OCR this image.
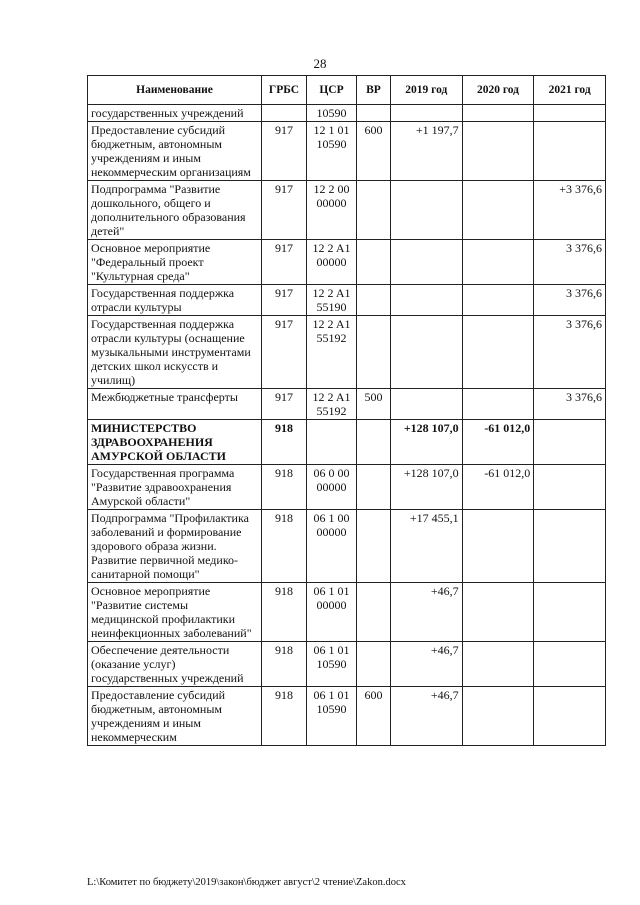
28
Наименование	ГРБС	ЦСР	ВР	2019 год	2020 год	2021 год
государственных учреждений		10590				
Предоставление субсидий бюджетным, автономным учреждениям и иным некоммерческим организациям	917	12 1 01 10590	600	+1 197,7		
Подпрограмма "Развитие дошкольного, общего и дополнительного образования детей"	917	12 2 00 00000				+3 376,6
Основное мероприятие "Федеральный проект "Культурная среда"	917	12 2 A1 00000				3 376,6
Государственная поддержка отрасли культуры	917	12 2 A1 55190				3 376,6
Государственная поддержка отрасли культуры (оснащение музыкальными инструментами детских школ искусств и училищ)	917	12 2 A1 55192				3 376,6
Межбюджетные трансферты	917	12 2 A1 55192	500			3 376,6
МИНИСТЕРСТВО ЗДРАВООХРАНЕНИЯ АМУРСКОЙ ОБЛАСТИ	918			+128 107,0	-61 012,0	
Государственная программа "Развитие здравоохранения Амурской области"	918	06 0 00 00000		+128 107,0	-61 012,0	
Подпрограмма "Профилактика заболеваний и формирование здорового образа жизни. Развитие первичной медико-санитарной помощи"	918	06 1 00 00000		+17 455,1		
Основное мероприятие "Развитие системы медицинской профилактики неинфекционных заболеваний"	918	06 1 01 00000		+46,7		
Обеспечение деятельности (оказание услуг) государственных учреждений	918	06 1 01 10590		+46,7		
Предоставление субсидий бюджетным, автономным учреждениям и иным некоммерческим	918	06 1 01 10590	600	+46,7		
L:\Комитет по бюджету\2019\закон\бюджет август\2 чтение\Zakon.docx
